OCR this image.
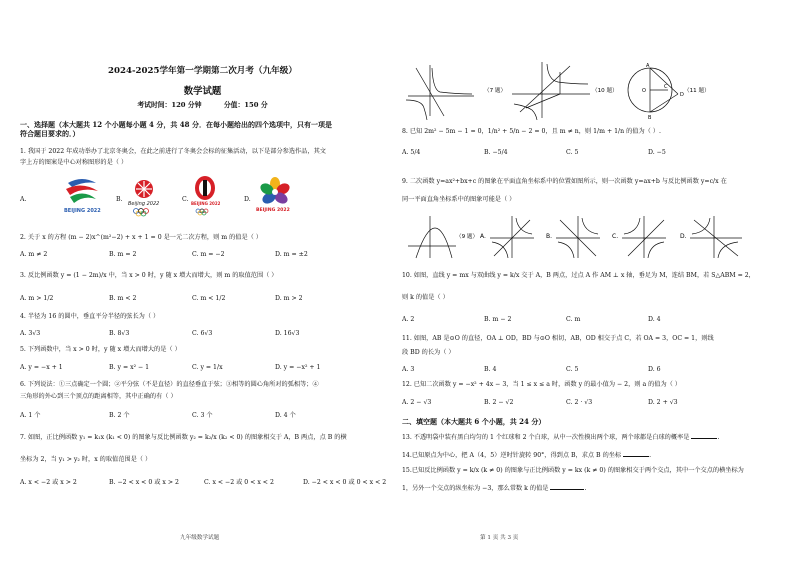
2024-2025学年第一学期第二次月考（九年级）
数学试题
考试时间：120 分钟	分值：150 分
一、选择题（本大题共 12 个小题每小题 4 分，共 48 分．在每小题给出的四个选项中，只有一项是
符合题目要求的．）
1. 我国于 2022 年成功举办了北京冬奥会，在此之前进行了冬奥会会标的征集活动，以下是部分参选作品，其文
字上方的图案是中心对称图形的是（ ）
A.
BEIJING 2022
B.
Beijing 2022
C.
BEIJING 2022
D.
BEIJING 2022
2. 关于 x 的方程 (m − 2)x^(m²−2) + x + 1 = 0 是一元二次方程，则 m 的值是（ ）
A. m ≠ 2	B. m = 2	C. m = −2	D. m = ±2
3. 反比例函数 y = (1 − 2m)/x 中，当 x > 0 时，y 随 x 增大而增大，则 m 的取值范围（ ）
A. m > 1/2	B. m < 2	C. m < 1/2	D. m > 2
4. 半径为 16 的圆中，垂直平分半径的弦长为（ ）
A. 3√3	B. 8√3	C. 6√3	D. 16√3
5. 下列函数中，当 x > 0 时，y 随 x 增大而增大的是（ ）
A. y = −x + 1	B. y = x² − 1	C. y = 1/x	D. y = −x² + 1
6. 下列说法：①三点确定一个圆；②平分弦（不是直径）的直径垂直于弦；③相等的圆心角所对的弧相等；④
三角形的外心到三个顶点的距离相等，其中正确的有（ ）
A. 1 个	B. 2 个	C. 3 个	D. 4 个
7. 如图，正比例函数 y₁ = k₁x (k₁ < 0) 的图象与反比例函数 y₂ = k₂/x (k₂ < 0) 的图象相交于 A，B 两点，点 B 的横
坐标为 2，当 y₁ > y₂ 时，x 的取值范围是（ ）
A. x < −2 或 x > 2	B. −2 < x < 0 或 x > 2	C. x < −2 或 0 < x < 2	D. −2 < x < 0 或 0 < x < 2
九年级数学试题
（7 题）	（10 题）
A
O
C
D
B
（11 题）
8. 已知 2m² − 5m − 1 = 0，1/n² + 5/n − 2 = 0，且 m ≠ n，则 1/m + 1/n 的值为（ ）.
A. 5/4	B. −5/4	C. 5	D. −5
9. 二次函数 y=ax²+bx+c 的图象在平面直角坐标系中的位置如图所示，则一次函数 y=ax+b 与反比例函数 y=c/x 在
同一平面直角坐标系中的图象可能是（ ）
（9 题） A.	B.	C.	D.
10. 如图，直线 y = mx 与双曲线 y = k/x 交于 A，B 两点，过点 A 作 AM ⊥ x 轴，垂足为 M，连结 BM，若 S△ABM = 2，
则 k 的值是（ ）
A. 2	B. m − 2	C. m	D. 4
11. 如图，AB 是⊙O 的直径，OA ⊥ OD，BD 与⊙O 相切，AB，OD 相交于点 C，若 OA = 3，OC = 1，则线
段 BD 的长为（ ）
A. 3	B. 4	C. 5	D. 6
12. 已知二次函数 y = −x² + 4x − 3，当 1 ≤ x ≤ a 时，函数 y 的最小值为 − 2，则 a 的值为（ ）
A. 2 − √3	B. 2 − √2	C. 2 · √3	D. 2 + √3
二、填空题（本大题共 6 个小题，共 24 分）
13. 不透明袋中装有黑白均匀的 1 个红球和 2 个白球，从中一次性摸出两个球，两个球都是白球的概率是	.
14.已知原点为中心，把 A（4，5）逆时针旋转 90°，得到点 B，求点 B 的坐标	.
15.已知反比例函数 y = k/x (k ≠ 0) 的图象与正比例函数 y = kx (k ≠ 0) 的图象相交于两个交点，其中一个交点的横坐标为
1，另外一个交点的纵坐标为 −3，那么常数 k 的值是	.
第 1 页 共 3 页
